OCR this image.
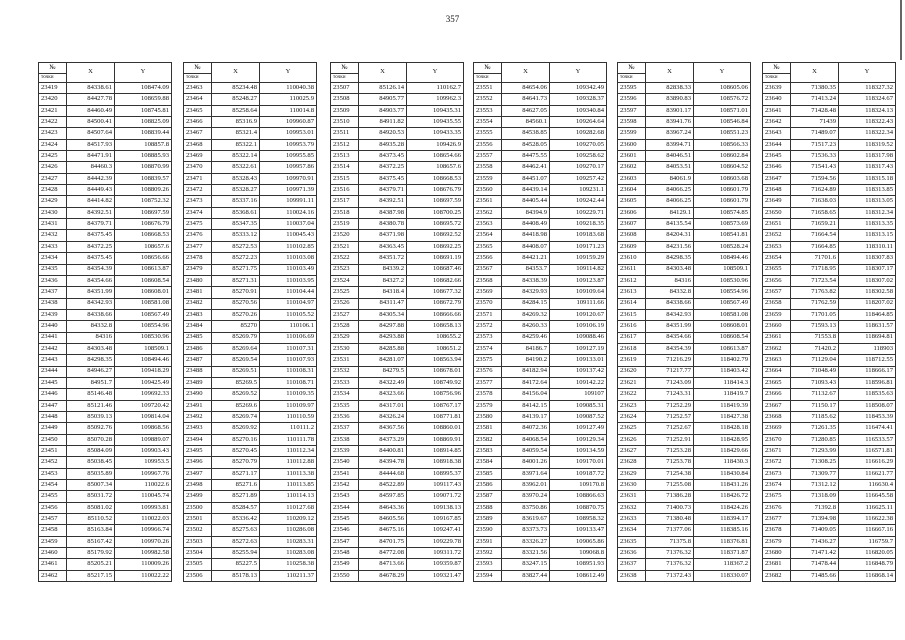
357
№	X	Y
точки		
23419	84338.61	108474.09
23420	84427.78	108659.88
23421	84460.49	108745.81
23422	84500.41	108825.09
23423	84507.64	108839.44
23424	84517.93	108857.8
23425	84471.91	108885.93
23426	84460.3	108870.99
23427	84442.39	108839.57
23428	84449.43	108809.26
23429	84414.82	108752.32
23430	84392.51	108697.59
23431	84379.71	108676.79
23432	84375.45	108668.53
23433	84372.25	108657.6
23434	84375.45	108656.66
23435	84354.39	108613.87
23436	84354.66	108608.54
23437	84351.99	108608.01
23438	84342.93	108581.08
23439	84338.66	108567.49
23440	84332.8	108554.96
23441	84316	108530.96
23442	84303.48	108509.1
23443	84298.35	108494.46
23444	84946.27	109418.29
23445	84951.7	109425.49
23446	85146.48	109692.33
23447	85121.46	109720.42
23448	85039.13	109814.04
23449	85092.76	109868.56
23450	85070.28	109889.07
23451	85084.09	109903.43
23452	85038.45	109953.5
23453	85035.89	109967.76
23454	85007.34	110022.6
23455	85031.72	110045.74
23456	85081.02	109993.81
23457	85110.52	110022.03
23458	85163.84	109966.74
23459	85167.42	109970.26
23460	85179.92	109982.58
23461	85205.21	110009.26
23462	85217.15	110022.22
№	X	Y
точки		
23463	85234.48	110040.38
23464	85248.27	110025.9
23465	85258.64	110014.8
23466	85316.9	109960.87
23467	85321.4	109953.01
23468	85322.1	109953.79
23469	85322.14	109955.85
23470	85322.61	109957.86
23471	85328.43	109970.91
23472	85328.27	109971.39
23473	85337.16	109991.11
23474	85368.61	110024.16
23475	85347.35	110037.04
23476	85333.12	110045.43
23477	85272.53	110102.85
23478	85272.23	110103.08
23479	85271.75	110103.49
23480	85271.31	110103.95
23481	85270.91	110104.44
23482	85270.56	110104.97
23483	85270.26	110105.52
23484	85270	110106.1
23485	85269.79	110106.69
23486	85269.64	110107.31
23487	85269.54	110107.93
23488	85269.51	110108.31
23489	85269.5	110108.71
23490	85269.52	110109.35
23491	85269.6	110109.97
23492	85269.74	110110.59
23493	85269.92	110111.2
23494	85270.16	110111.78
23495	85270.45	110112.34
23496	85270.79	110112.88
23497	85271.17	110113.38
23498	85271.6	110113.85
23499	85271.89	110114.13
23500	85284.57	110127.68
23501	85336.42	110209.12
23502	85275.63	110286.08
23503	85272.63	110283.31
23504	85255.94	110283.08
23505	85227.5	110258.38
23506	85178.13	110211.37
№	X	Y
точки		
23507	85126.14	110162.7
23508	84905.77	109962.3
23509	84903.77	109435.31
23510	84911.82	109435.55
23511	84920.53	109433.35
23512	84935.28	109426.9
23513	84373.45	108654.66
23514	84372.25	108657.6
23515	84375.45	108668.53
23516	84379.71	108676.79
23517	84392.51	108697.59
23518	84387.98	108700.25
23519	84380.78	108695.72
23520	84371.98	108692.52
23521	84363.45	108692.25
23522	84351.72	108691.19
23523	84339.2	108687.46
23524	84327.2	108682.66
23525	84318.4	108677.32
23526	84311.47	108672.79
23527	84305.34	108666.66
23528	84297.88	108658.13
23529	84293.88	108655.2
23530	84285.88	108651.2
23531	84281.07	108563.94
23532	84279.5	108678.01
23533	84322.49	108749.92
23534	84323.66	108756.96
23535	84317.01	108767.17
23536	84326.24	108771.81
23537	84367.56	108860.01
23538	84373.29	108869.91
23539	84400.81	108914.85
23540	84394.78	108918.38
23541	84444.68	108995.37
23542	84522.89	109117.43
23543	84597.85	109071.72
23544	84643.36	109138.13
23545	84605.56	109167.85
23546	84675.16	109247.41
23547	84701.75	109229.78
23548	84772.08	109311.72
23549	84713.66	109359.87
23550	84678.29	109321.47
№	X	Y
точки		
23551	84654.06	109342.49
23552	84641.73	109328.37
23553	84627.05	109340.84
23554	84560.1	109264.64
23555	84538.85	109282.68
23556	84528.05	109270.05
23557	84475.55	109258.62
23558	84462.41	109270.17
23559	84451.07	109257.42
23560	84439.14	109231.1
23561	84405.44	109242.44
23562	84394.9	109229.71
23563	84408.49	109218.35
23564	84418.98	109183.68
23565	84408.07	109171.23
23566	84421.21	109159.29
23567	84353.7	109114.82
23568	84338.39	109123.87
23569	84329.93	109109.64
23570	84284.15	109111.66
23571	84269.32	109120.67
23572	84260.33	109106.19
23573	84259.46	109088.46
23574	84186.7	109127.19
23575	84190.2	109133.01
23576	84182.94	109137.42
23577	84172.64	109142.22
23578	84156.04	109107
23579	84142.15	109085.31
23580	84139.17	109087.52
23581	84072.36	109127.49
23582	84068.54	109129.34
23583	84059.54	109134.59
23584	84001.26	109170.01
23585	83971.64	109187.72
23586	83962.01	109170.8
23587	83970.24	108866.63
23588	83750.86	108870.75
23589	83619.67	108958.32
23590	83373.73	109133.47
23591	83326.27	109065.86
23592	83321.56	109068.8
23593	83247.15	108951.93
23594	83827.44	108612.49
№	X	Y
точки		
23595	82838.33	108605.06
23596	83890.83	108576.72
23597	83901.17	108571.01
23598	83941.76	108546.84
23599	83967.24	108551.23
23600	83994.71	108566.33
23601	84046.51	108602.84
23602	84053.51	108604.52
23603	84061.9	108603.68
23604	84066.25	108601.79
23605	84066.25	108601.79
23606	84129.1	108574.85
23607	84135.54	108573.69
23608	84204.31	108541.81
23609	84231.56	108528.24
23610	84298.35	108494.46
23611	84303.48	108509.1
23612	84316	108530.96
23613	84332.8	108554.96
23614	84338.66	108567.49
23615	84342.93	108581.08
23616	84351.99	108608.01
23617	84354.66	108608.54
23618	84354.39	108613.87
23619	71216.29	118402.79
23620	71217.77	118403.42
23621	71243.09	118414.3
23622	71243.31	118419.7
23623	71252.29	118419.39
23624	71252.57	118427.38
23625	71252.67	118428.18
23626	71252.91	118428.95
23627	71253.28	118429.66
23628	71253.78	118430.3
23629	71254.38	118430.84
23630	71255.08	118431.26
23631	71386.28	118426.72
23632	71400.73	118424.26
23633	71380.48	118394.17
23634	71377.06	118385.16
23635	71375.8	118376.81
23636	71376.32	118371.87
23637	71376.32	118367.2
23638	71372.43	118330.07
№	X	Y
точки		
23639	71380.35	118327.32
23640	71413.24	118324.67
23641	71428.48	118324.13
23642	71439	118322.43
23643	71489.07	118322.34
23644	71517.23	118319.52
23645	71536.33	118317.98
23646	71541.43	118317.43
23647	71594.56	118315.18
23648	71624.89	118313.85
23649	71638.03	118313.05
23650	71658.65	118312.34
23651	71659.21	118313.35
23652	71664.54	118313.15
23653	71664.85	118310.11
23654	71701.6	118307.83
23655	71718.95	118307.17
23656	71723.54	118307.02
23657	71763.82	118302.58
23658	71762.59	118207.02
23659	71701.05	118464.85
23660	71593.13	118631.57
23661	71553.8	118694.81
23662	71420.2	118903
23663	71129.04	118712.55
23664	71048.49	118666.17
23665	71093.43	118596.81
23666	71132.67	118535.63
23667	71150.17	118508.07
23668	71185.62	118453.39
23669	71261.35	116474.41
23670	71280.85	116533.57
23671	71293.99	116571.81
23672	71308.25	116616.29
23673	71309.77	116621.77
23674	71312.12	116630.4
23675	71318.09	116645.58
23676	71392.8	116625.11
23677	71394.98	116622.38
23678	71409.05	116667.16
23679	71436.27	116759.7
23680	71471.42	116820.05
23681	71478.44	116848.79
23682	71485.66	116868.14
